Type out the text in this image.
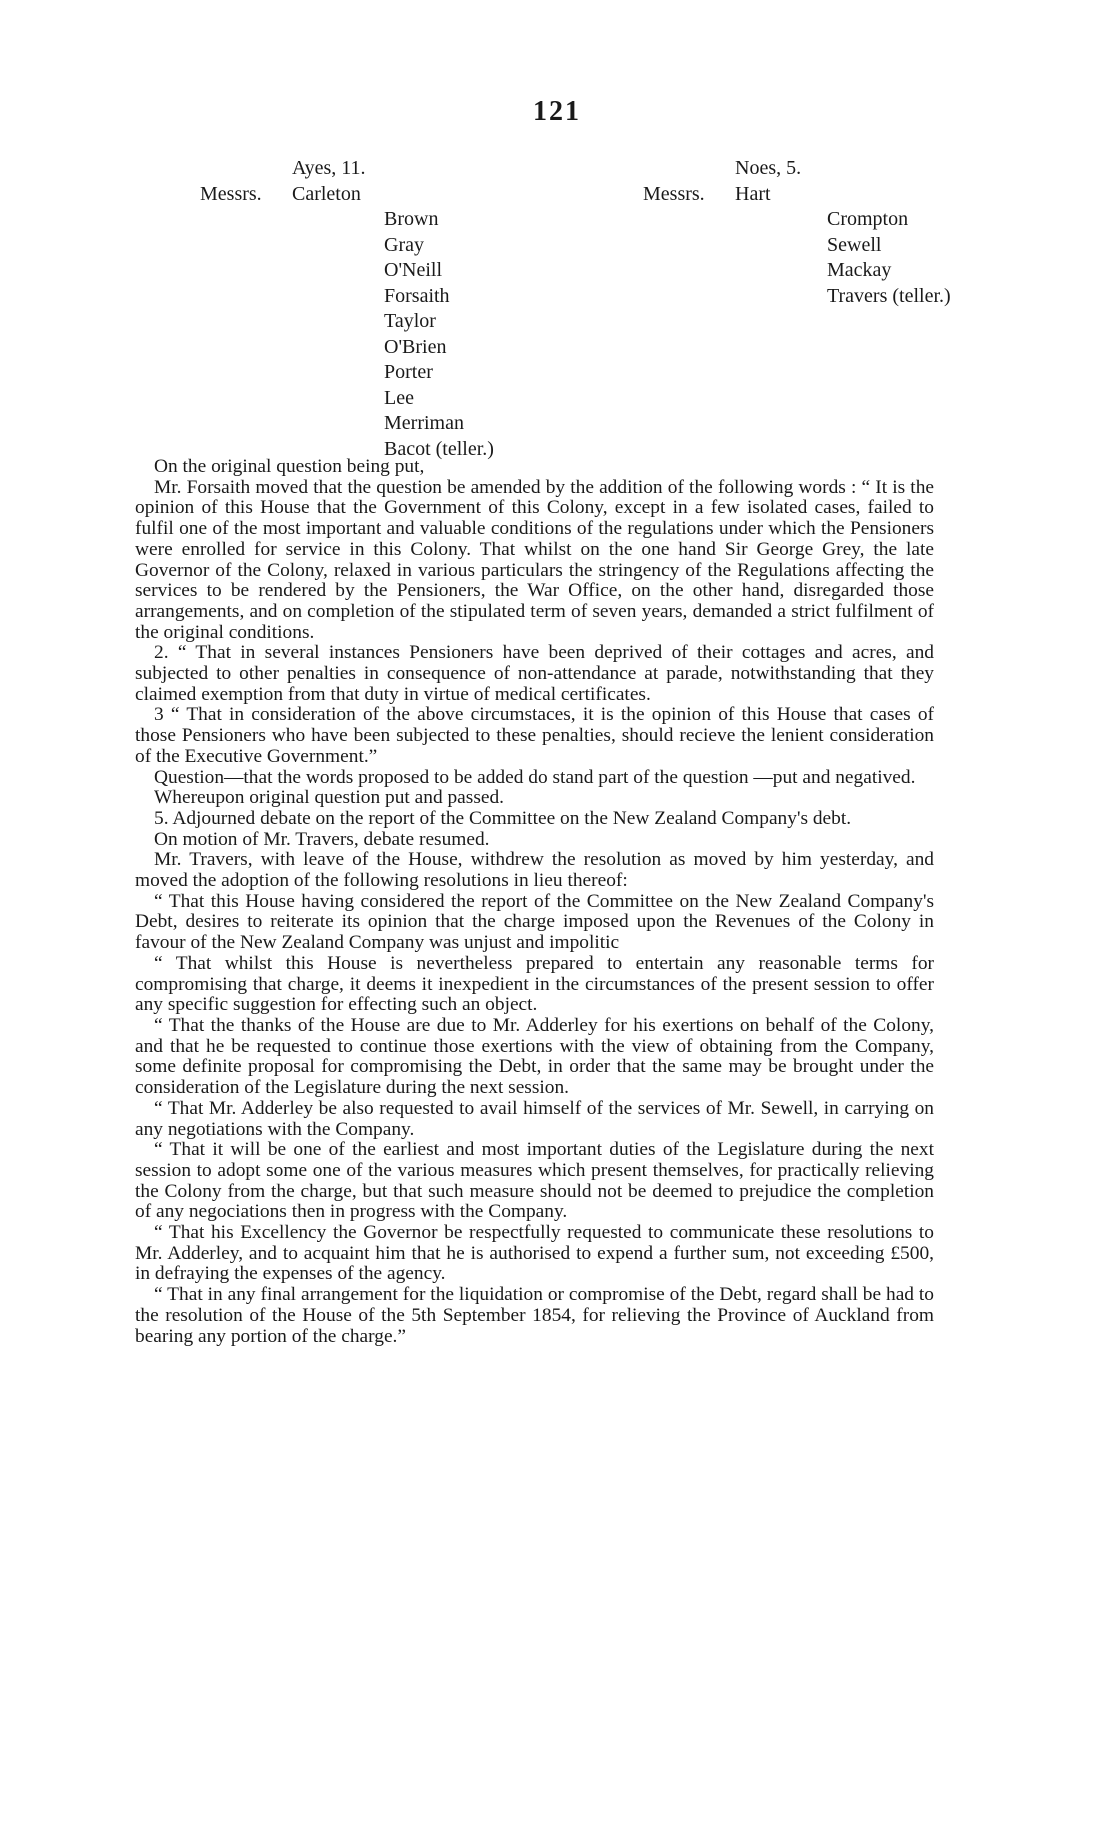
121
Ayes, 11.
Messrs.	Carleton
Brown
Gray
O'Neill
Forsaith
Taylor
O'Brien
Porter
Lee
Merriman
Bacot (teller.)
Noes, 5.
Messrs.	Hart
Crompton
Sewell
Mackay
Travers (teller.)

On the original question being put,

Mr. Forsaith moved that the question be amended by the addition of the following words : “ It is the opinion of this House that the Government of this Colony, except in a few isolated cases, failed to fulfil one of the most important and valuable conditions of the regulations under which the Pensioners were enrolled for service in this Colony. That whilst on the one hand Sir George Grey, the late Governor of the Colony, relaxed in various particulars the stringency of the Regulations affecting the services to be rendered by the Pensioners, the War Office, on the other hand, disregarded those arrangements, and on completion of the stipulated term of seven years, demanded a strict fulfilment of the original conditions.

2. “ That in several instances Pensioners have been deprived of their cottages and acres, and subjected to other penalties in consequence of non-attendance at parade, notwithstanding that they claimed exemption from that duty in virtue of medical certificates.

3 “ That in consideration of the above circumstaces, it is the opinion of this House that cases of those Pensioners who have been subjected to these penalties, should recieve the lenient consideration of the Executive Government.”

Question—that the words proposed to be added do stand part of the question —put and negatived.

Whereupon original question put and passed.

5. Adjourned debate on the report of the Committee on the New Zealand Company's debt.

On motion of Mr. Travers, debate resumed.

Mr. Travers, with leave of the House, withdrew the resolution as moved by him yesterday, and moved the adoption of the following resolutions in lieu thereof:

“ That this House having considered the report of the Committee on the New Zealand Company's Debt, desires to reiterate its opinion that the charge imposed upon the Revenues of the Colony in favour of the New Zealand Company was unjust and impolitic

“ That whilst this House is nevertheless prepared to entertain any reasonable terms for compromising that charge, it deems it inexpedient in the circumstances of the present session to offer any specific suggestion for effecting such an object.

“ That the thanks of the House are due to Mr. Adderley for his exertions on behalf of the Colony, and that he be requested to continue those exertions with the view of obtaining from the Company, some definite proposal for compromising the Debt, in order that the same may be brought under the consideration of the Legislature during the next session.

“ That Mr. Adderley be also requested to avail himself of the services of Mr. Sewell, in carrying on any negotiations with the Company.

“ That it will be one of the earliest and most important duties of the Legislature during the next session to adopt some one of the various measures which present themselves, for practically relieving the Colony from the charge, but that such measure should not be deemed to prejudice the completion of any negociations then in progress with the Company.

“ That his Excellency the Governor be respectfully requested to communicate these resolutions to Mr. Adderley, and to acquaint him that he is authorised to expend a further sum, not exceeding £500, in defraying the expenses of the agency.

“ That in any final arrangement for the liquidation or compromise of the Debt, regard shall be had to the resolution of the House of the 5th September 1854, for relieving the Province of Auckland from bearing any portion of the charge.”
